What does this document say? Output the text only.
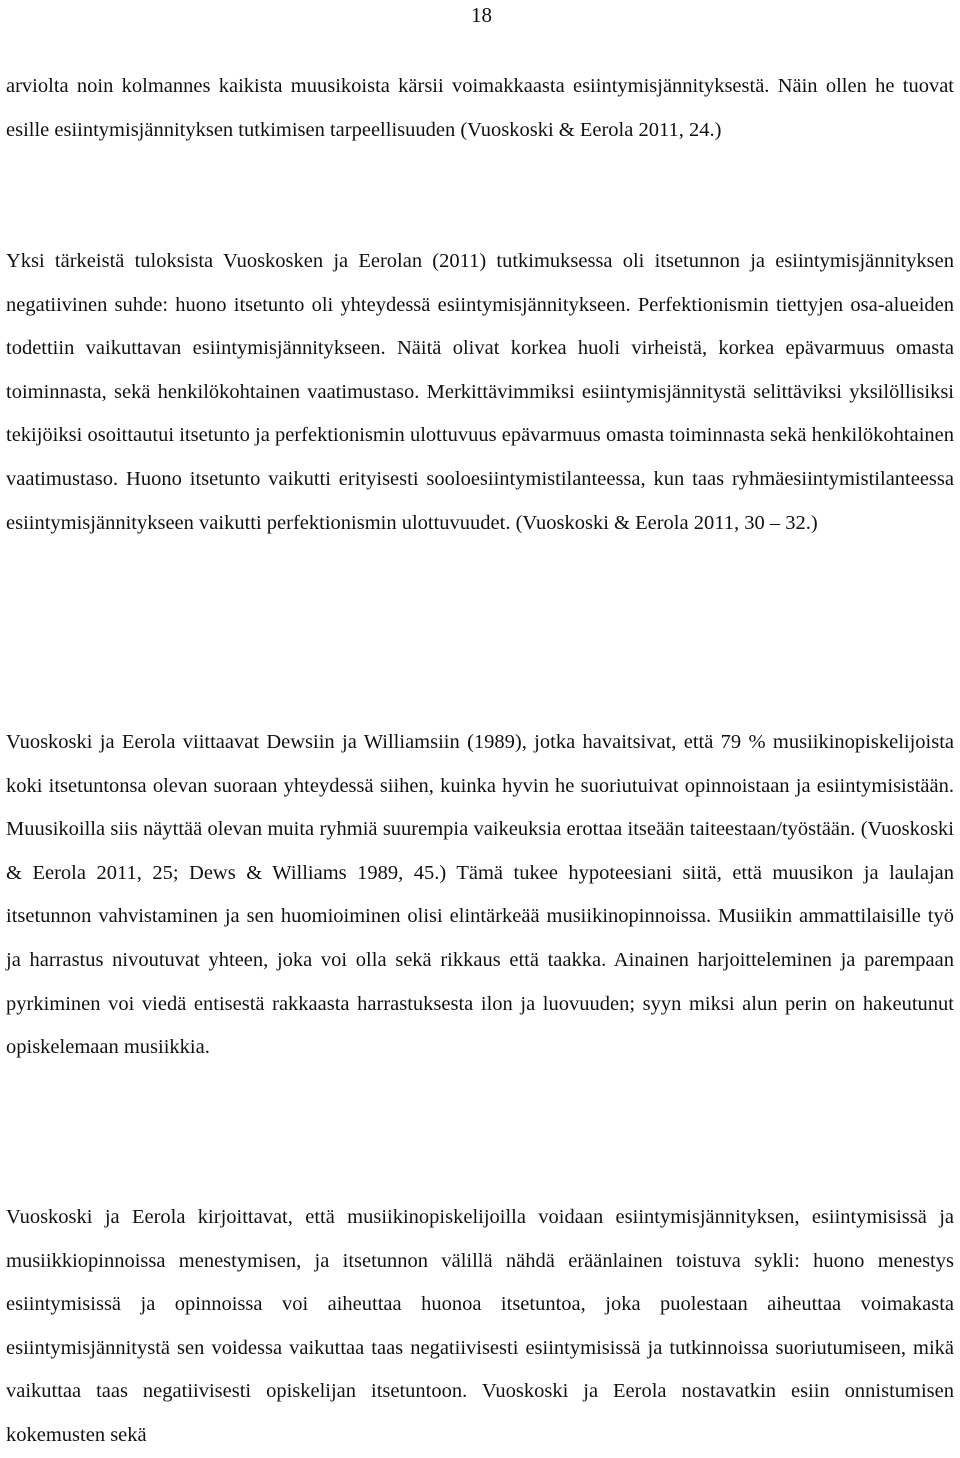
18

arviolta noin kolmannes kaikista muusikoista kärsii voimakkaasta esiintymisjännityksestä. Näin ollen he tuovat esille esiintymisjännityksen tutkimisen tarpeellisuuden (Vuoskoski & Eerola 2011, 24.)

Yksi tärkeistä tuloksista Vuoskosken ja Eerolan (2011) tutkimuksessa oli itsetunnon ja esiintymisjännityksen negatiivinen suhde: huono itsetunto oli yhteydessä esiintymisjännitykseen. Perfektionismin tiettyjen osa-alueiden todettiin vaikuttavan esiintymisjännitykseen. Näitä olivat korkea huoli virheistä, korkea epävarmuus omasta toiminnasta, sekä henkilökohtainen vaatimustaso. Merkittävimmiksi esiintymisjännitystä selittäviksi yksilöllisiksi tekijöiksi osoittautui itsetunto ja perfektionismin ulottuvuus epävarmuus omasta toiminnasta sekä henkilökohtainen vaatimustaso. Huono itsetunto vaikutti erityisesti sooloesiintymistilanteessa, kun taas ryhmäesiintymistilanteessa esiintymisjännitykseen vaikutti perfektionismin ulottuvuudet. (Vuoskoski & Eerola 2011, 30 – 32.)

Vuoskoski ja Eerola viittaavat Dewsiin ja Williamsiin (1989), jotka havaitsivat, että 79 % musiikinopiskelijoista koki itsetuntonsa olevan suoraan yhteydessä siihen, kuinka hyvin he suoriutuivat opinnoistaan ja esiintymisistään. Muusikoilla siis näyttää olevan muita ryhmiä suurempia vaikeuksia erottaa itseään taiteestaan/työstään. (Vuoskoski & Eerola 2011, 25; Dews & Williams 1989, 45.) Tämä tukee hypoteesiani siitä, että muusikon ja laulajan itsetunnon vahvistaminen ja sen huomioiminen olisi elintärkeää musiikinopinnoissa. Musiikin ammattilaisille työ ja harrastus nivoutuvat yhteen, joka voi olla sekä rikkaus että taakka. Ainainen harjoitteleminen ja parempaan pyrkiminen voi viedä entisestä rakkaasta harrastuksesta ilon ja luovuuden; syyn miksi alun perin on hakeutunut opiskelemaan musiikkia.

Vuoskoski ja Eerola kirjoittavat, että musiikinopiskelijoilla voidaan esiintymisjännityksen, esiintymisissä ja musiikkiopinnoissa menestymisen, ja itsetunnon välillä nähdä eräänlainen toistuva sykli: huono menestys esiintymisissä ja opinnoissa voi aiheuttaa huonoa itsetuntoa, joka puolestaan aiheuttaa voimakasta esiintymisjännitystä sen voidessa vaikuttaa taas negatiivisesti esiintymisissä ja tutkinnoissa suoriutumiseen, mikä vaikuttaa taas negatiivisesti opiskelijan itsetuntoon. Vuoskoski ja Eerola nostavatkin esiin onnistumisen kokemusten sekä
